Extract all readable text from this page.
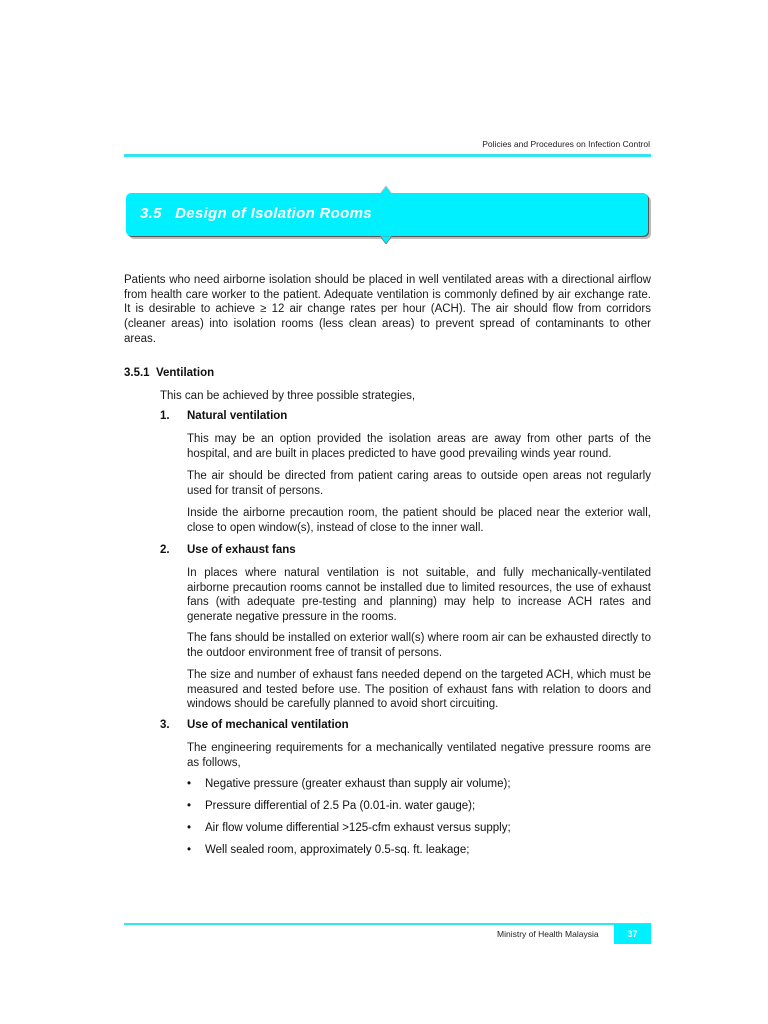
Policies and Procedures on Infection Control
3.5 Design of Isolation Rooms

Patients who need airborne isolation should be placed in well ventilated areas with a directional airflow from health care worker to the patient. Adequate ventilation is commonly defined by air exchange rate. It is desirable to achieve ≥ 12 air change rates per hour (ACH). The air should flow from corridors (cleaner areas) into isolation rooms (less clean areas) to prevent spread of contaminants to other areas.

3.5.1  Ventilation
This can be achieved by three possible strategies,
1. Natural ventilation

This may be an option provided the isolation areas are away from other parts of the hospital, and are built in places predicted to have good prevailing winds year round.

The air should be directed from patient caring areas to outside open areas not regularly used for transit of persons.

Inside the airborne precaution room, the patient should be placed near the exterior wall, close to open window(s), instead of close to the inner wall.

2. Use of exhaust fans

In places where natural ventilation is not suitable, and fully mechanically-ventilated airborne precaution rooms cannot be installed due to limited resources, the use of exhaust fans (with adequate pre-testing and planning) may help to increase ACH rates and generate negative pressure in the rooms.

The fans should be installed on exterior wall(s) where room air can be exhausted directly to the outdoor environment free of transit of persons.

The size and number of exhaust fans needed depend on the targeted ACH, which must be measured and tested before use. The position of exhaust fans with relation to doors and windows should be carefully planned to avoid short circuiting.

3. Use of mechanical ventilation

The engineering requirements for a mechanically ventilated negative pressure rooms are as follows,

• Negative pressure (greater exhaust than supply air volume);
• Pressure differential of 2.5 Pa (0.01-in. water gauge);
• Air flow volume differential >125-cfm exhaust versus supply;
• Well sealed room, approximately 0.5-sq. ft. leakage;
Ministry of Health Malaysia	37
